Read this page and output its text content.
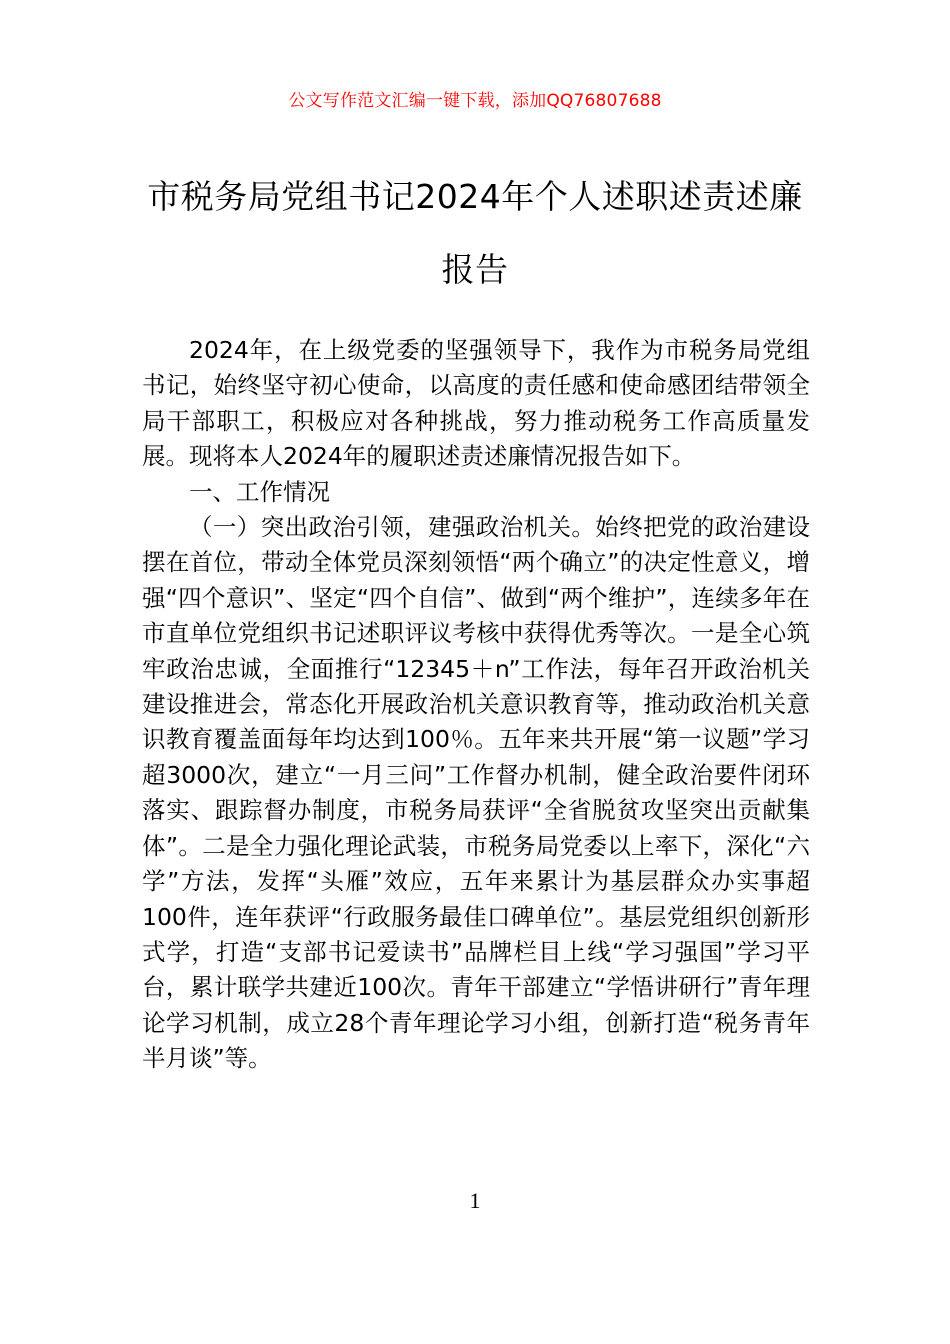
公文写作范文汇编一键下载，添加QQ76807688
市税务局党组书记2024年个人述职述责述廉报告

2024年，在上级党委的坚强领导下，我作为市税务局党组书记，始终坚守初心使命，以高度的责任感和使命感团结带领全局干部职工，积极应对各种挑战，努力推动税务工作高质量发展。现将本人2024年的履职述责述廉情况报告如下。

一、工作情况

（一）突出政治引领，建强政治机关。始终把党的政治建设摆在首位，带动全体党员深刻领悟“两个确立”的决定性意义，增强“四个意识”、坚定“四个自信”、做到“两个维护”，连续多年在市直单位党组织书记述职评议考核中获得优秀等次。一是全心筑牢政治忠诚，全面推行“12345＋n”工作法，每年召开政治机关建设推进会，常态化开展政治机关意识教育等，推动政治机关意识教育覆盖面每年均达到100％。五年来共开展“第一议题”学习超3000次，建立“一月三问”工作督办机制，健全政治要件闭环落实、跟踪督办制度，市税务局获评“全省脱贫攻坚突出贡献集体”。二是全力强化理论武装，市税务局党委以上率下，深化“六学”方法，发挥“头雁”效应，五年来累计为基层群众办实事超100件，连年获评“行政服务最佳口碑单位”。基层党组织创新形式学，打造“支部书记爱读书”品牌栏目上线“学习强国”学习平台，累计联学共建近100次。青年干部建立“学悟讲研行”青年理论学习机制，成立28个青年理论学习小组，创新打造“税务青年半月谈”等。

1
